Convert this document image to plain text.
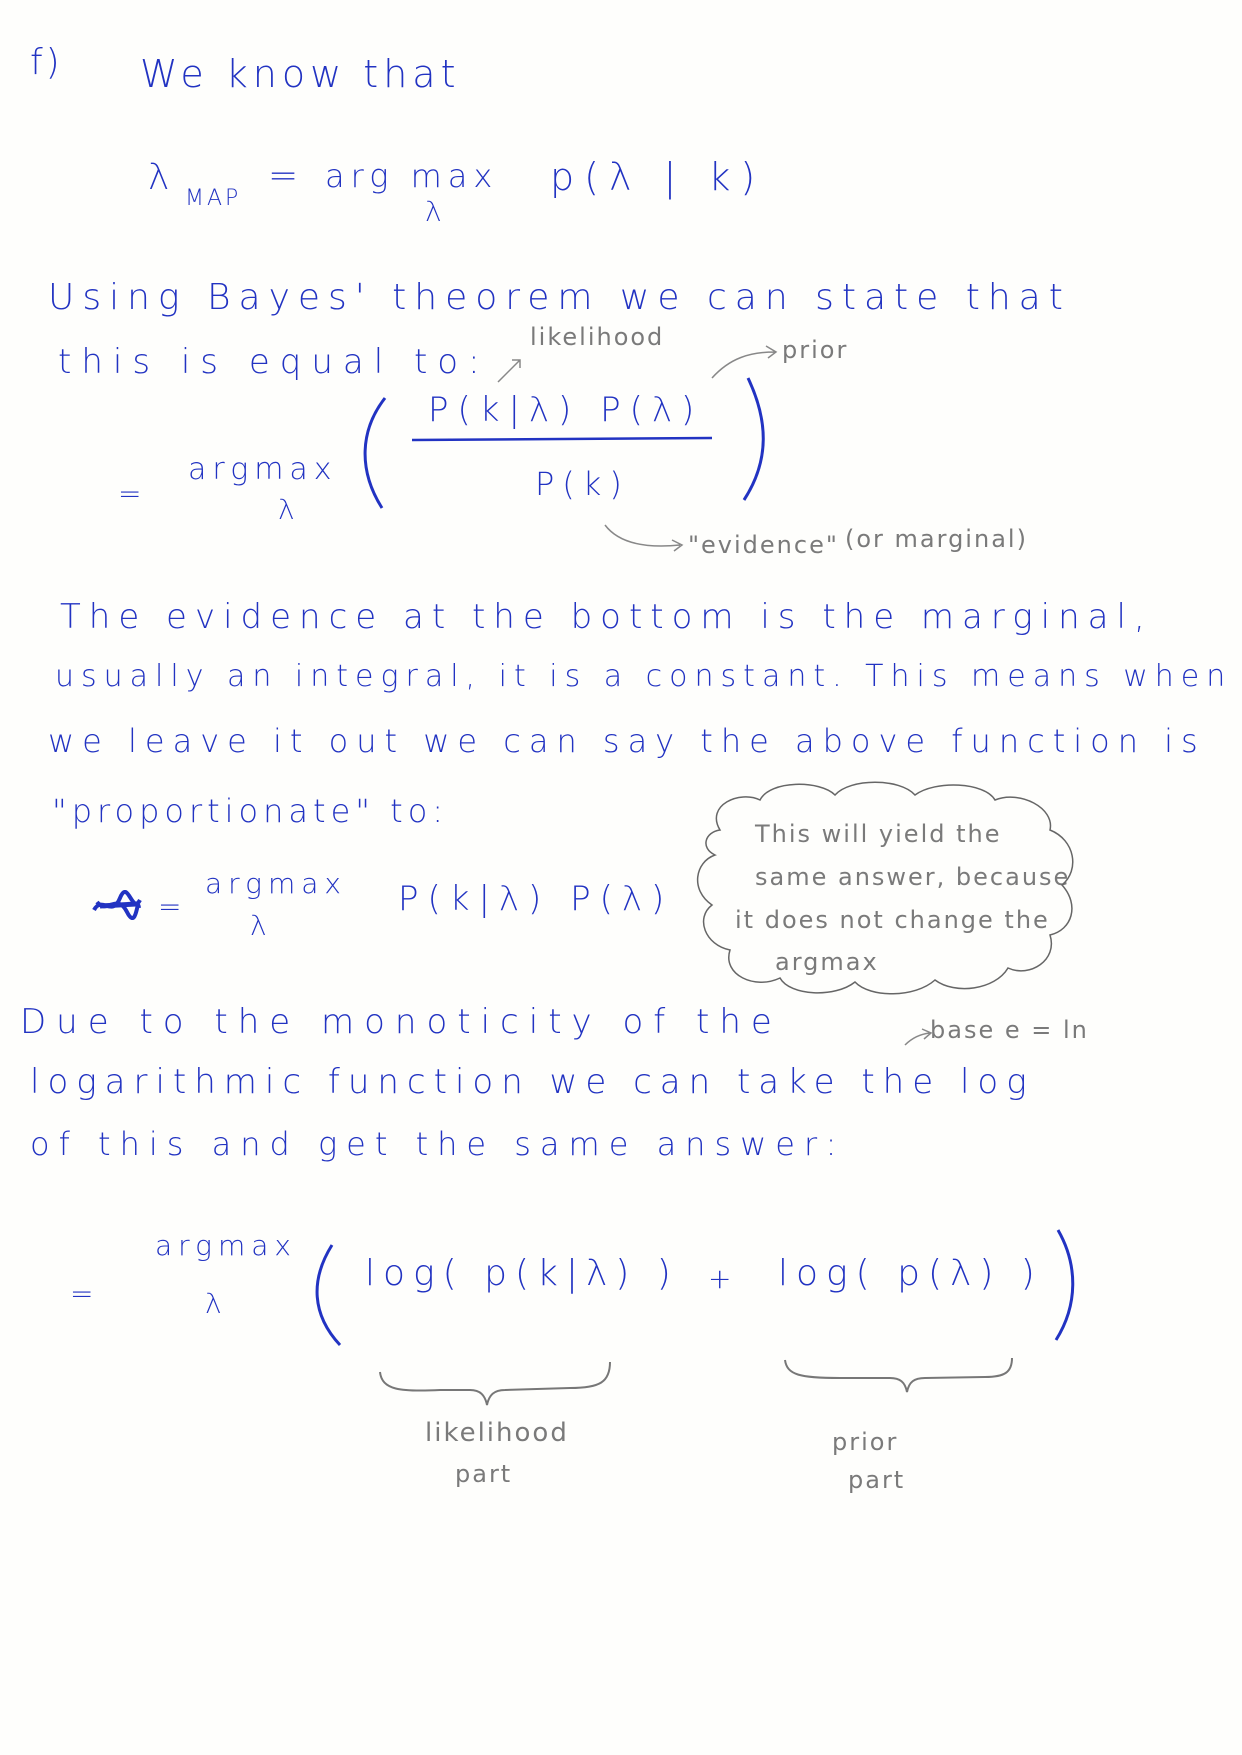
f) We know that
λ
MAP
= arg max
λ
p(λ | k)
Using Bayes' theorem we can state that
this is equal to:
likelihood	prior
=
argmax
λ
P(k|λ) P(λ)
P(k)
"evidence" (or marginal)
The evidence at the bottom is the marginal,
usually an integral, it is a constant. This means when
we leave it out we can say the above function is
"proportionate" to:
=
argmax
λ
P(k|λ) P(λ)
This will yield the
same answer, because
it does not change the
argmax
Due to the monoticity of the
logarithmic function we can take the log
of this and get the same answer:
base e = ln
=
argmax
λ
log( p(k|λ) ) + log( p(λ) )
likelihood
part
prior
part
